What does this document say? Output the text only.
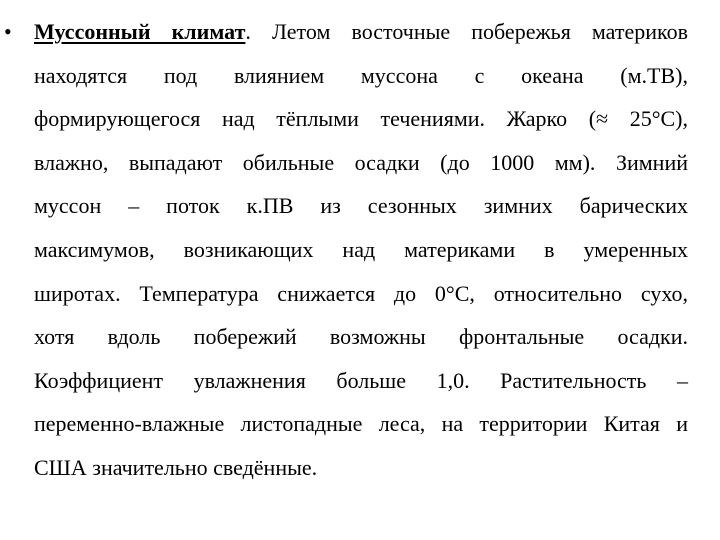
• Муссонный климат. Летом восточные побережья материков
находятся под влиянием муссона с океана (м.ТВ),
формирующегося над тёплыми течениями. Жарко (≈ 25°С),
влажно, выпадают обильные осадки (до 1000 мм). Зимний
муссон – поток к.ПВ из сезонных зимних барических
максимумов, возникающих над материками в умеренных
широтах. Температура снижается до 0°С, относительно сухо,
хотя вдоль побережий возможны фронтальные осадки.
Коэффициент увлажнения больше 1,0. Растительность –
переменно-влажные листопадные леса, на территории Китая и
США значительно сведённые.
